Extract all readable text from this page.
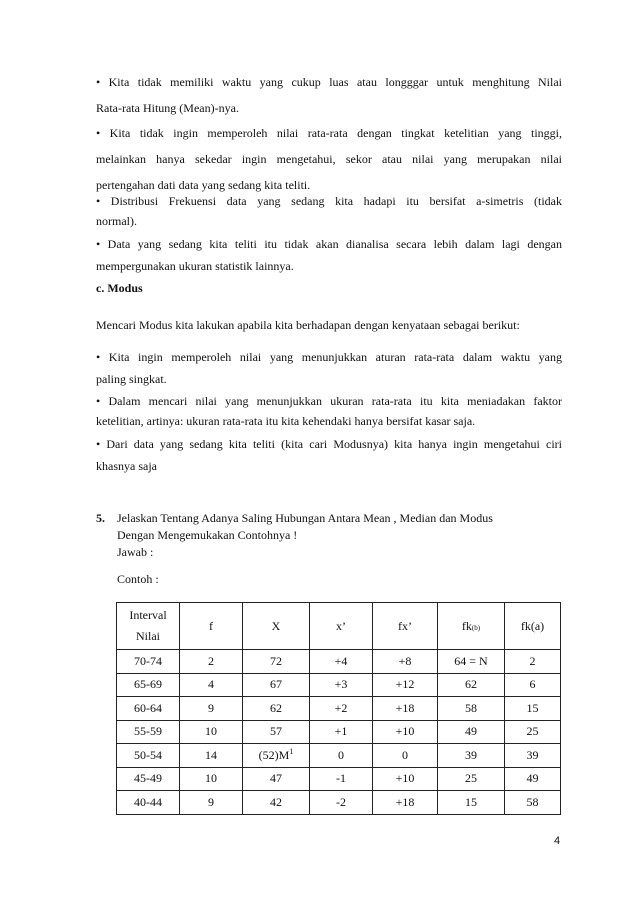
• Kita tidak memiliki waktu yang cukup luas atau longggar untuk menghitung Nilai
Rata-rata Hitung (Mean)-nya.
• Kita tidak ingin memperoleh nilai rata-rata dengan tingkat ketelitian yang tinggi,
melainkan hanya sekedar ingin mengetahui, sekor atau nilai yang merupakan nilai
pertengahan dati data yang sedang kita teliti.
• Distribusi Frekuensi data yang sedang kita hadapi itu bersifat a-simetris (tidak
normal).
• Data yang sedang kita teliti itu tidak akan dianalisa secara lebih dalam lagi dengan
mempergunakan ukuran statistik lainnya.
c. Modus
Mencari Modus kita lakukan apabila kita berhadapan dengan kenyataan sebagai berikut:
• Kita ingin memperoleh nilai yang menunjukkan aturan rata-rata dalam waktu yang
paling singkat.
• Dalam mencari nilai yang menunjukkan ukuran rata-rata itu kita meniadakan faktor
ketelitian, artinya: ukuran rata-rata itu kita kehendaki hanya bersifat kasar saja.
• Dari data yang sedang kita teliti (kita cari Modusnya) kita hanya ingin mengetahui ciri
khasnya saja
5. Jelaskan Tentang Adanya Saling Hubungan Antara Mean , Median dan Modus
Dengan Mengemukakan Contohnya !
Jawab :
Contoh :
Interval
Nilai	f	X	x’	fx’	fk(b)	fk(a)
70-74	2	72	+4	+8	64 = N	2
65-69	4	67	+3	+12	62	6
60-64	9	62	+2	+18	58	15
55-59	10	57	+1	+10	49	25
50-54	14	$(52)M^1$	0	0	39	39
45-49	10	47	-1	+10	25	49
40-44	9	42	-2	+18	15	58
4
